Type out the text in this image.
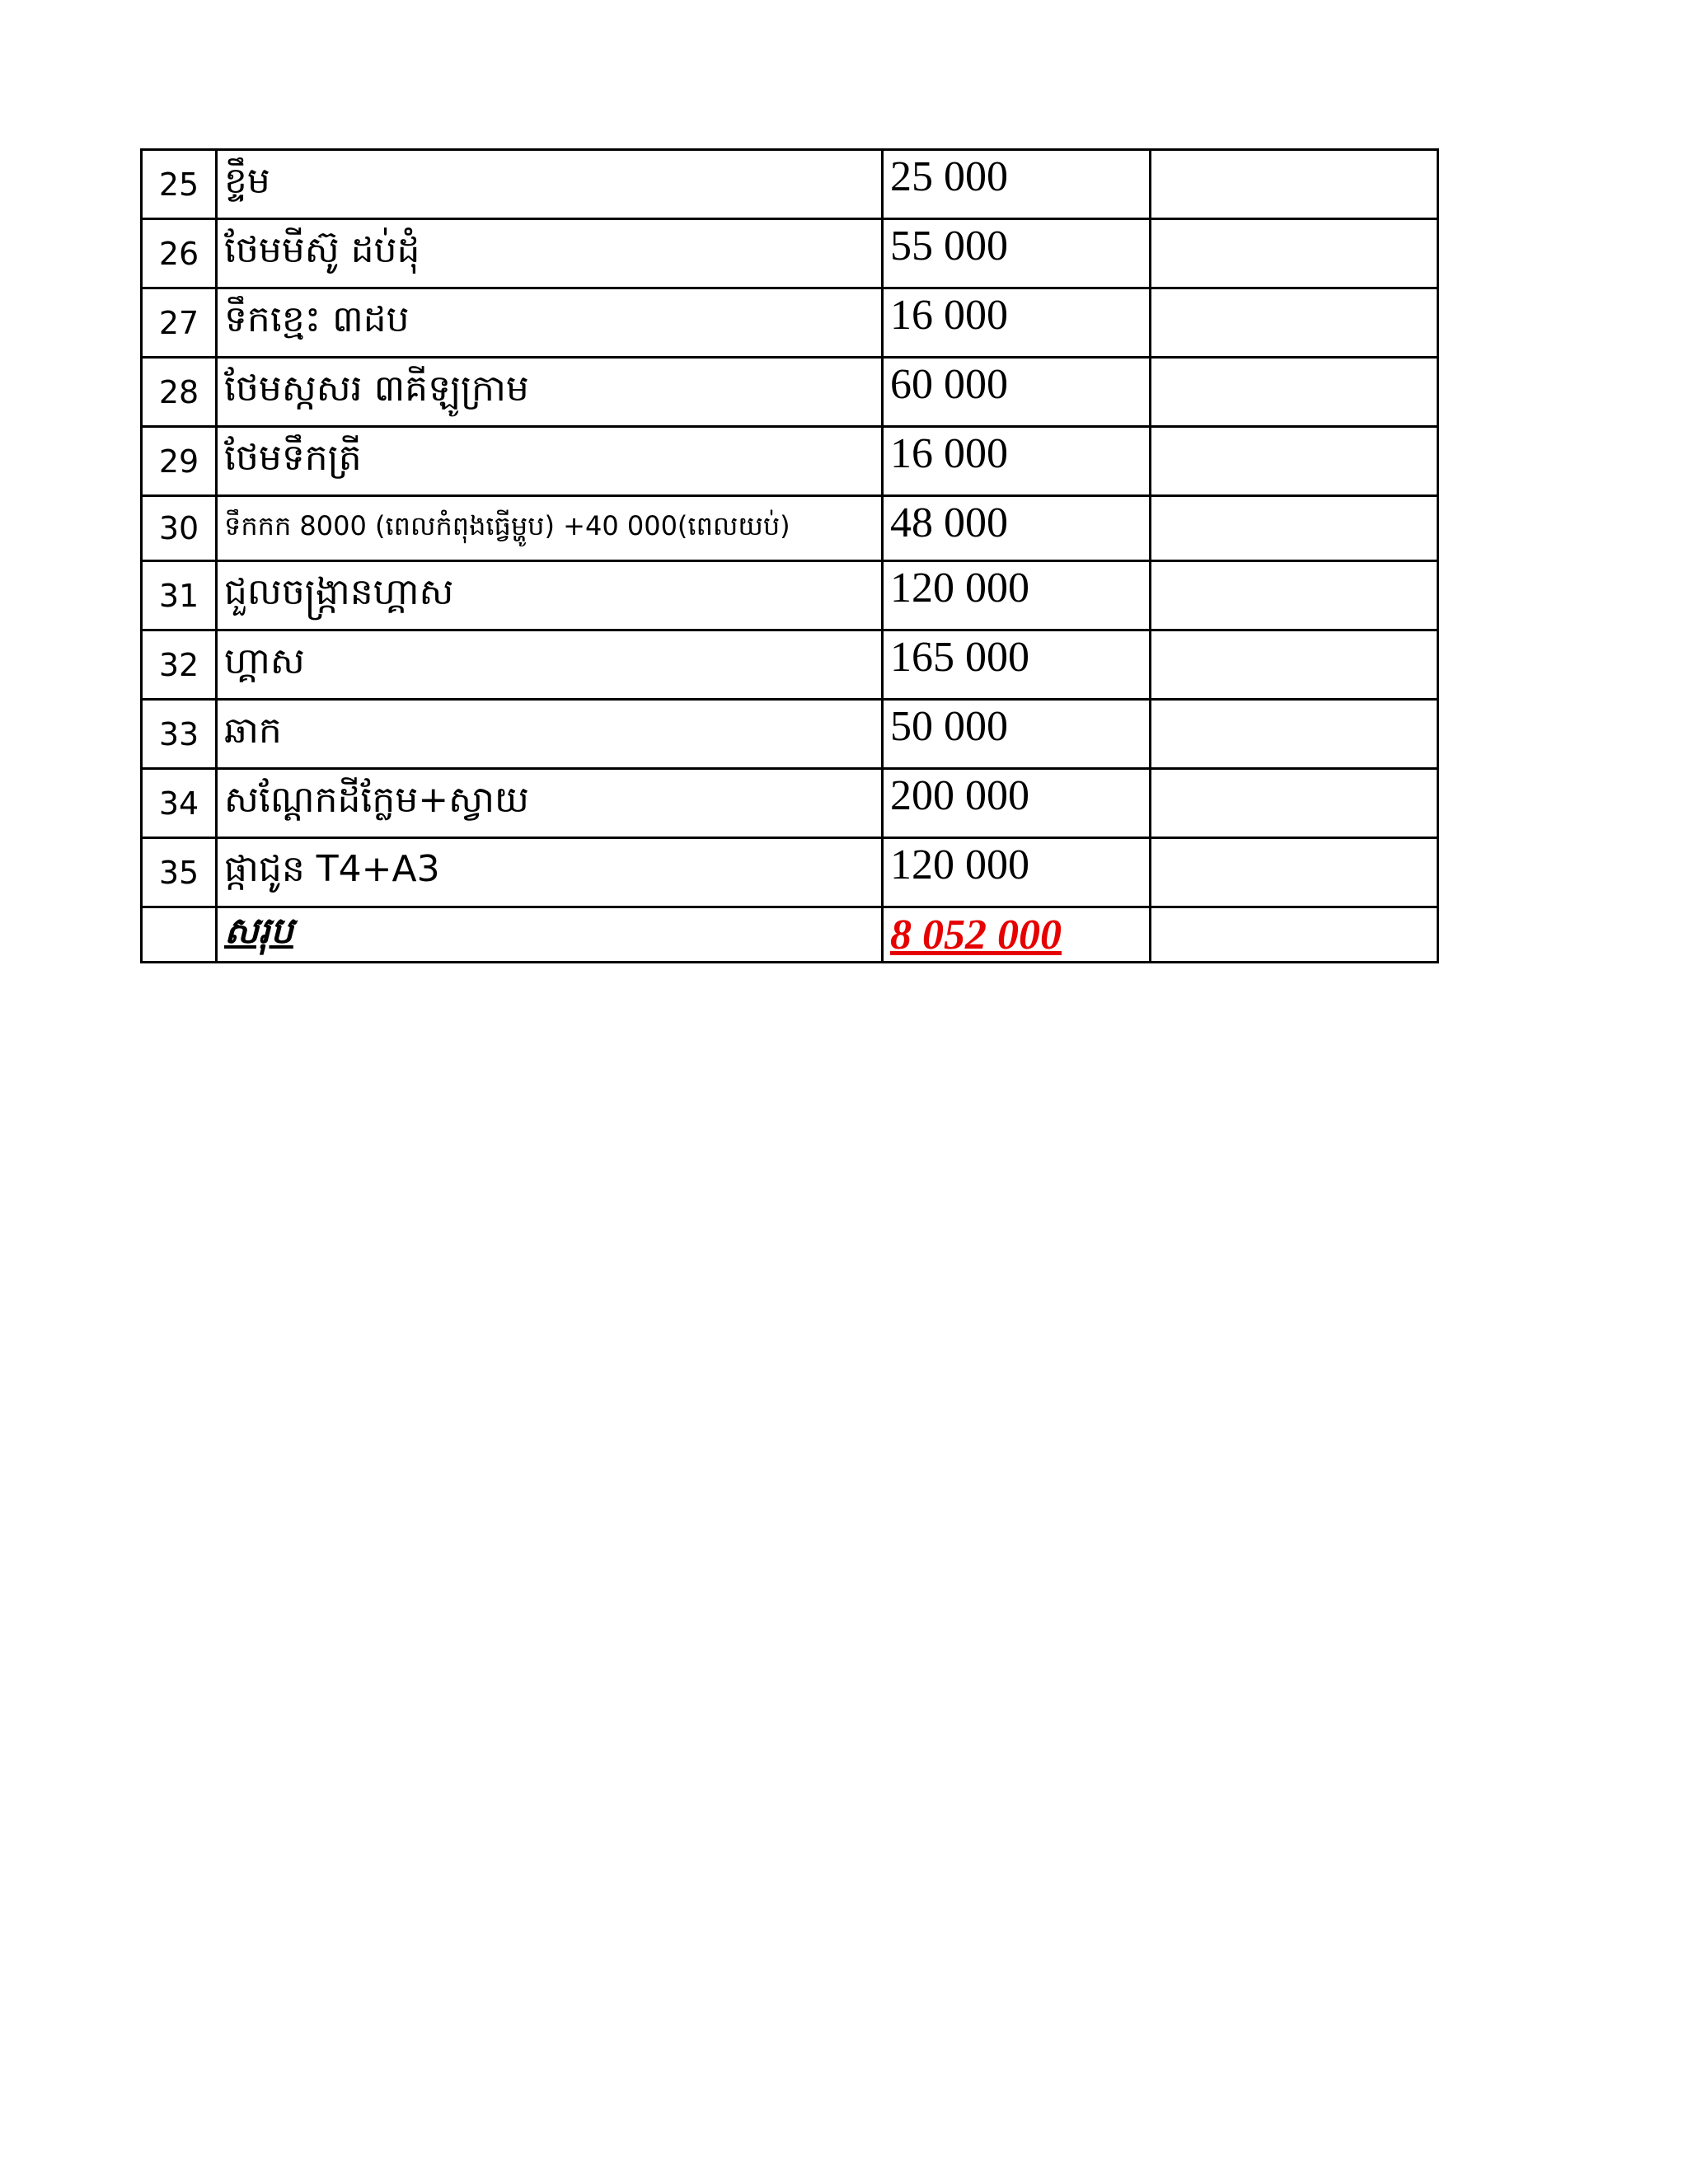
25	ខ្ទឹម	25 000	
26	ថែមមីស៊ូ ដប់ដុំ	55 000	
27	ទឹកខ្មេះ ៣ដប	16 000	
28	ថែមស្កសរ ៣គីឡូក្រាម	60 000	
29	ថែមទឹកត្រី	16 000	
30	ទឹកកក 8000 (ពេលកំពុងធ្វើម្ហូប) +40 000(ពេលយប់)	48 000	
31	ជួលចង្ក្រានហ្គាស	120 000	
32	ហ្គាស	165 000	
33	ឆាក	50 000	
34	សណ្តែកដីក្លែម+ស្វាយ	200 000	
35	ផ្កាជូន T4+A3	120 000	
	សរុប	8 052 000	
